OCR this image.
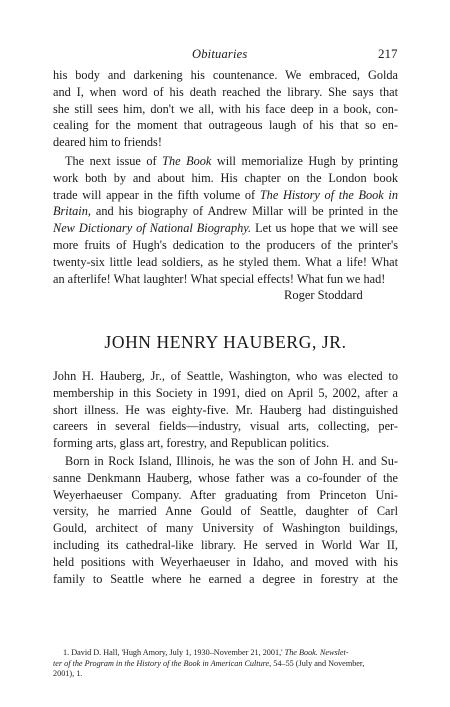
Obituaries	217
his body and darkening his countenance. We embraced, Golda
and I, when word of his death reached the library. She says that
she still sees him, don't we all, with his face deep in a book, con-
cealing for the moment that outrageous laugh of his that so en-
deared him to friends!
The next issue of The Book will memorialize Hugh by printing
work both by and about him. His chapter on the London book
trade will appear in the fifth volume of The History of the Book in
Britain, and his biography of Andrew Millar will be printed in the
New Dictionary of National Biography. Let us hope that we will see
more fruits of Hugh's dedication to the producers of the printer's
twenty-six little lead soldiers, as he styled them. What a life! What
an afterlife! What laughter! What special effects! What fun we had!
Roger Stoddard
JOHN HENRY HAUBERG, JR.
John H. Hauberg, Jr., of Seattle, Washington, who was elected to
membership in this Society in 1991, died on April 5, 2002, after a
short illness. He was eighty-five. Mr. Hauberg had distinguished
careers in several fields—industry, visual arts, collecting, per-
forming arts, glass art, forestry, and Republican politics.
Born in Rock Island, Illinois, he was the son of John H. and Su-
sanne Denkmann Hauberg, whose father was a co-founder of the
Weyerhaeuser Company. After graduating from Princeton Uni-
versity, he married Anne Gould of Seattle, daughter of Carl
Gould, architect of many University of Washington buildings,
including its cathedral-like library. He served in World War II,
held positions with Weyerhaeuser in Idaho, and moved with his
family to Seattle where he earned a degree in forestry at the
1. David D. Hall, 'Hugh Amory, July 1, 1930–November 21, 2001,' The Book. Newslet-
ter of the Program in the History of the Book in American Culture, 54–55 (July and November,
2001), 1.
